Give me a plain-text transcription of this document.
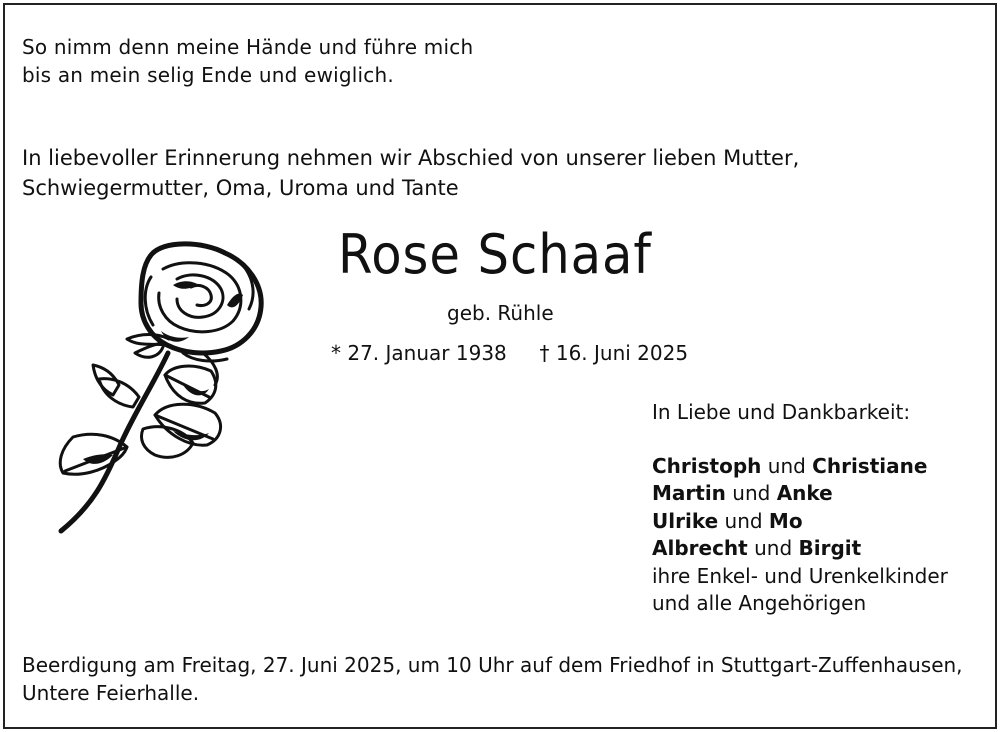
So nimm denn meine Hände und führe mich
bis an mein selig Ende und ewiglich.
In liebevoller Erinnerung nehmen wir Abschied von unserer lieben Mutter,
Schwiegermutter, Oma, Uroma und Tante
Rose Schaaf
geb. Rühle
* 27. Januar 1938 † 16. Juni 2025
In Liebe und Dankbarkeit:
Christoph und Christiane
Martin und Anke
Ulrike und Mo
Albrecht und Birgit
ihre Enkel- und Urenkelkinder
und alle Angehörigen
Beerdigung am Freitag, 27. Juni 2025, um 10 Uhr auf dem Friedhof in Stuttgart-Zuffenhausen,
Untere Feierhalle.
